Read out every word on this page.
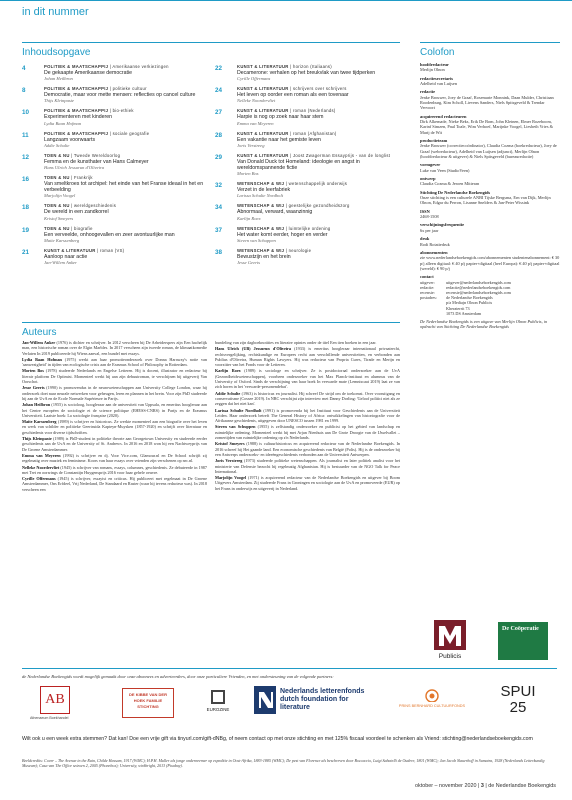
in dit nummer
Inhoudsopgave	Colofon
4	POLITIEK & MAATSCHAPPIJ | Amerikaanse verkiezingen
De gekaapte Amerikaanse democratie
Johan Heilbron
8	POLITIEK & MAATSCHAPPIJ | politieke cultuur
Democratie, maar voor mette mensen: reflecties op cancel culture
Thijs Kleinpaste
10	POLITIEK & MAATSCHAPPIJ | bio-ethiek
Experimenteren met kinderen
Lydia Baan Hofman
11	POLITIEK & MAATSCHAPPIJ | sociale geografie
Langzaam voorwaarts
Addie Schulte
12	TOEN & NU | Tweede Wereldoorlog
Femma en de kunsthater van Hans Calmeyer
Hans Ulrich Jessurun d'Oliveira
16	TOEN & NU | Frankrijk
Van smeltkroes tot archipel: het einde van het Franse ideaal in het en verbeelding
Marjolijn Voogel
18	TOEN & NU | wereldgeschiedenis
De wereld in een zandkorrel
Kristof Smeyers
19	TOEN & NU | biografie
Een verveelde, onhoogevallen en zeer avontuurlijke man
Maite Karssenberg
21	KUNST & LITERATUUR | roman (VS)
Aanloop naar actie
Jan-Willem Anker
22	KUNST & LITERATUUR | horizon (Italiaans)
Decamerone: verhalen op het breukvlak van twee tijdperken
Cyrille Offermans
24	KUNST & LITERATUUR | schrijvers over schrijvers
Het leven op oorder een roman als een tovenaar
Nelleke Noordervliet
27	KUNST & LITERATUUR | roman (Nederlands)
Harpie is nog op zoek naar haar stem
Emma van Meyeren
28	KUNST & LITERATUUR | roman (Afghanistan)
Een vakantie naar het gemiste leven
Joris Verstreeg
29	KUNST & LITERATUUR | Joost Zwagerman Essayprijs - van de longlist
Van Donald Duck tot Homeland: ideologie en angst in wereldomspannende fictie
Morten Bos
32	WETENSCHAP & WIJ | wetenschappelijk onderwijs
Verzet in de leerfabriek
Larissa Schulte Nordholt
34	WETENSCHAP & WIJ | geestelijke gezondheidszorg
Abnormaal, verward, waanzinnig
Karlijn Roex
37	WETENSCHAP & WIJ | luimtelijke ordening
Het water komt eerder, hoger en verder
Steven van Schuppen
38	WETENSCHAP & WIJ | neurologie
Bewustzijn en het brein
Jesse Geerts
hoofdredacteur
Merlijn Olnon
redactiesecretaris
Adelheid van Luijsen
redactie
Jenke Brouwer, Joey de Graaf, Rosemarie Monnink, Daan Mulder, Christiaan Roodenburg, Kim Scholl, Lievens Sanders, Niels Spitsgeveld & Trendar Vervoort
acquirerend redacteuren
Dirk Alkemade, Nieke Beks, Erik De Bom, John Kleinen, Elmer Rozeboom, Karinf Simzen, Paul Toale, Wim Verhoef, Marijnke Voogel, Liesbeth Vries & Marij de Wit
productieteam
Jenke Brouwer (correctiecoördinator), Claudia Cozma (boekredacteur), Joey de Graaf (webredacteur), Adelheid van Luijsen (adjunct), Merlijn Olnon (hoofdredacteur & uitgever) & Niels Spitsgeveld (bureauredactie)
vormgever
Luke van Veen (StudioVeen)
ontwerp
Claudia Cozma & Jeroen Mitteran
Stichting De Nederlandse Boekengids
Onze stichting is een culturele ANBI Tijske Bergsma, Ern van Dijk, Merlijn Olnon, Edgar du Perron, Lisanne Snelders & Jan-Peter Wissink
ISSN
2468-1508
verschijningsfrequentie
6x per jaar
druk
Rodi Rotatiedruk
abonnementen
zie www.nederlandseboekengids.com/abonnementen studentenabonnement: € 30 p/j alleen digitaal: € 40 p/j papier+digitaal (heel Europa): € 40 p/j papier+digitaal (wereld): € 90 p/j
contact
uitgever:	uitgever@nederlandseboekengids.com
redactie:	redactie@nederlandseboekengids.com
recensie:	recensie@nederlandseboekengids.com
postadres:	de Nederlandse Boekengids
p/a Mediajn Olnon Publicis
Kheraterrit 73
1073 DS Amsterdam
De Nederlandse Boekengids is een uitgave van Merlijn Olnon Publicis, in opdracht van Stichting De Nederlandse Boekengids
Auteurs

Jan-Willem Anker (1976) is dichter en schrijver. In 2012 verscheen bij De Arbeiderspers zijn Een hachelijk man, een historische roman over de Elgin Marbles. In 2017 verscheen zijn tweede roman, de klimaatkomedie Verlaten In 2019 publiceerde hij Wiens aanval, een bundel met essays.

Lydia Baan Hofman (1975) werkt aan haar promotieonderzoek over Donna Haraway's notie van 'aanwezigheid' in tijden van ecologische crisis aan de Erasmus School of Philosophy in Rotterdam.

Morten Bos (1978) studeerde Nederlands en Engelse Letteren. Hij is docent, illustrator en redacteur bij literair platform De Optimist. Momenteel werkt hij aan zijn debuutroman, te verschijnen bij uitgeverij Van Oorschot.

Jesse Geerts (1990) is promovendus in de neurowetenschappen aan University College London, waar hij onderzoek doet naar neurale netwerken voor geheugen, leren en plannen in het brein. Voor zijn PhD studeerde hij aan de UvA en de Ecole Normale Supérieure in Parijs.

Johan Heilbron (1955) is socioloog, hoogleraar aan de universiteit van Uppsala, en emeritus hoogleraar aan het Centre européen de sociologie et de science politique (EHESS-CNRS) in Parijs en de Erasmus Universiteit. Laatste boek: La sociologie française (2020).

Maite Karssenberg (1989) is schrijver en historicus. Ze werkte momenteel aan een biografie over het leven en werk van schilder en politieke Geertruida Kapteyn-Muysken (1857-1920) en schrijft over literatuur en geschiedenis voor diverse tijdschriften.

Thijs Kleinpaste (1989) is PhD-student in politieke theorie aan Georgetown University en studeerde eerder geschiedenis aan de UvA en de University of St. Andrews. In 2016 en 2018 won hij een Nachtweyprijs van De Groene Amsterdammer.

Emma van Meyeren (1992) is schrijver en dj. Voor Vice.com, Glamour.nl en De School schrijft zij regelmatig over muziek en feminisme. Koors van haar essays over vrienden zijn verschenen op nrc.nl.

Nelleke Noordervliet (1945) is schrijver van romans, essays, columnes, geschiedenis. Ze debuteerde in 1987 met Tret en oorsrings de Constantijn Huygensprijs 2016 voor haar gehele oeuvre.

Cyrille Offermans (1945) is schrijver, essayist en criticus. Hij publiceert met regelmaat in De Groene Amsterdammer, Ons Erfdeel, Vrij Nederland, De Standaard en Raster (waar hij tevens redacteur was). In 2018 verscheen een

bundeling van zijn dagboeknotities en literaire opinies onder de titel Een tien boeken in een jaar.

Hans Ulrich (UB) Jessurun d'Oliveira (1933) is emeritus hoogleraar internationaal privaatrecht, rechtsvergelijking, rechtskundige en Europees recht aan verschillende universiteiten, en verbonden aan Publius d'Oliveira, Human Rights Lawyers. Hij was redacteur van Propria Cures, Tirade en Merijn en voorzitter van het Fonds voor de Letteren.

Karlijn Roex (1989) is sociologe en schrijver. Ze is postdoctoraal onderzoeker aan de UvA (Gezondheidswetenschappen), voorheen onderzoeker van het Max Planck-instituut en alumnus van de University of Oxford. Sinds de verschijning van haar boek In verwarde mate (Lemniscaat 2019) laat ze van zich horen in het 'verwarde-personendebat'.

Addie Schulte (1963) is historicus en journalist. Hij schreef De strijd om de toekomst. Over vooruitgang en conservatisme (Cossee 2019). In NRC verschijnt zijn interview met Danny Dorling: 'Geloof politici niet als ze zeggen dat het niet kan'.

Larissa Schulte Nordholt (1991) is promovenda bij het Instituut voor Geschiedenis aan de Universiteit Leiden. Haar onderzoek betreft The General History of Africa: ontwikkelingen van historiografie voor de Afrikaanse geschiedenis, uitgegeven door UNESCO tussen 1981 en 1999.

Steven van Schuppen (1955) is zelfstandig onderzoeker en publicist op het gebied van landschap en ruimtelijke ordening. Momenteel werkt hij met Arjan Nienhuis aan De Grote Droogte van de IJsselvallei – zomertijden van ruimtelijke ordening op z'n Nederlands.

Kristof Smeyers (1988) is cultuurhistoricus en acquirerend redacteur van de Nederlandse Boekengids. In 2016 schreef hij Het gaande land. Een economische geschiedenis van België (Polis). Hij is de onderzoeker bij een Antwerps onderzoeks- en ideeëngeschiedenis verbonden aan de Universiteit Antwerpen.

Joris Verstreeg (1973) studeerde politieke wetenschappen. Als journalist en later politiek analist voor het ministerie van Defensie bezocht hij regelmatig Afghanistan. Hij is bestuurder van de NGO Talk for Peace International.

Marjolijn Voogel (1971) is acquirerend redacteur van de Nederlandse Boekengids en uitgever bij Boom Uitgevers Amsterdam. Zij studeerde Frans in Groningen en sociologie aan de UvA en promoveerde (EUR) op het Frans in onderwijs en uitgeverij in Nederland.

Publicis
De Coöperatie
de Nederlandse Boekengids wordt mogelijk gemaakt door onze abonnees en adverteerders, door onze particuliere Vrienden, en met ondersteuning van de volgende partners:
AB
Athenaeum Boekhandel
DE KIBBE VAN DER HOEK FAMILIE STICHTING
EUROZINE
Nederlands letterenfonds dutch foundation for literature	PRINS BERNHARD CULTUURFONDS
SPUI
25
Wilt ook u een week extra stemmen? Dat kan! Doe een vrije gift via tinyurl.com/gift-dNBg, of neem contact op met onze stichting en met 125% fiscaal voordeel te schenken als Vriend: stichting@nederlandseboekengids.com
Beeldcredits: Cover – The Avenue in the Rain, Childe Hassam, 1917 (WMC); H.P.H. Muller als jonge onderneemer op expeditie in Oost-Afrika, 1883-1885 (WMC); De pest van Florence als beschreven door Boccaccio, Luigi Sabatelli de Oudere, 1801 (WMC); Jan Jacob Slauerhoff in Sumatra, 1928 (Nederlands Letterkundig Museum); Casa van The Office seizoen 2, 2005 (Phonebox); University, wirkbright, 2013 (Pixabay).
oktober – november 2020 | 3 | de Nederlandse Boekengids
